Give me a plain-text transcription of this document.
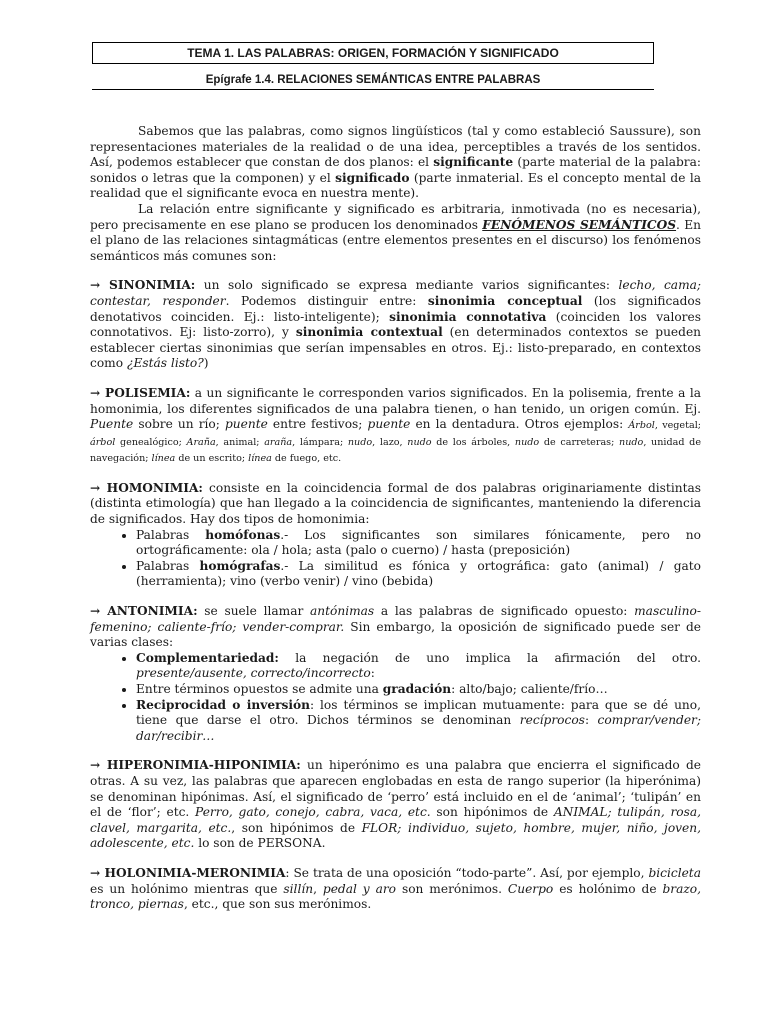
TEMA 1. LAS PALABRAS: ORIGEN, FORMACIÓN Y SIGNIFICADO
Epígrafe 1.4. RELACIONES SEMÁNTICAS ENTRE PALABRAS

Sabemos que las palabras, como signos lingüísticos (tal y como estableció Saussure), son representaciones materiales de la realidad o de una idea, perceptibles a través de los sentidos. Así, podemos establecer que constan de dos planos: el significante (parte material de la palabra: sonidos o letras que la componen) y el significado (parte inmaterial. Es el concepto mental de la realidad que el significante evoca en nuestra mente).

La relación entre significante y significado es arbitraria, inmotivada (no es necesaria), pero precisamente en ese plano se producen los denominados FENÓMENOS SEMÁNTICOS. En el plano de las relaciones sintagmáticas (entre elementos presentes en el discurso) los fenómenos semánticos más comunes son:

→ SINONIMIA: un solo significado se expresa mediante varios significantes: lecho, cama; contestar, responder. Podemos distinguir entre: sinonimia conceptual (los significados denotativos coinciden. Ej.: listo-inteligente); sinonimia connotativa (coinciden los valores connotativos. Ej: listo-zorro), y sinonimia contextual (en determinados contextos se pueden establecer ciertas sinonimias que serían impensables en otros. Ej.: listo-preparado, en contextos como ¿Estás listo?)

→ POLISEMIA: a un significante le corresponden varios significados. En la polisemia, frente a la homonimia, los diferentes significados de una palabra tienen, o han tenido, un origen común. Ej. Puente sobre un río; puente entre festivos; puente en la dentadura. Otros ejemplos: Árbol, vegetal; árbol genealógico; Araña, animal; araña, lámpara; nudo, lazo, nudo de los árboles, nudo de carreteras; nudo, unidad de navegación; línea de un escrito; línea de fuego, etc.

→ HOMONIMIA: consiste en la coincidencia formal de dos palabras originariamente distintas (distinta etimología) que han llegado a la coincidencia de significantes, manteniendo la diferencia de significados. Hay dos tipos de homonimia:

• Palabras homófonas.- Los significantes son similares fónicamente, pero no ortográficamente: ola / hola; asta (palo o cuerno) / hasta (preposición)
• Palabras homógrafas.- La similitud es fónica y ortográfica: gato (animal) / gato (herramienta); vino (verbo venir) / vino (bebida)

→ ANTONIMIA: se suele llamar antónimas a las palabras de significado opuesto: masculino- femenino; caliente-frío; vender-comprar. Sin embargo, la oposición de significado puede ser de varias clases:

• Complementariedad: la negación de uno implica la afirmación del otro. presente/ausente, correcto/incorrecto:
• Entre términos opuestos se admite una gradación: alto/bajo; caliente/frío…
• Reciprocidad o inversión: los términos se implican mutuamente: para que se dé uno, tiene que darse el otro. Dichos términos se denominan recíprocos: comprar/vender; dar/recibir…

→ HIPERONIMIA-HIPONIMIA: un hiperónimo es una palabra que encierra el significado de otras. A su vez, las palabras que aparecen englobadas en esta de rango superior (la hiperónima) se denominan hipónimas. Así, el significado de ‘perro’ está incluido en el de ‘animal’; ‘tulipán’ en el de ‘flor’; etc. Perro, gato, conejo, cabra, vaca, etc. son hipónimos de ANIMAL; tulipán, rosa, clavel, margarita, etc., son hipónimos de FLOR; individuo, sujeto, hombre, mujer, niño, joven, adolescente, etc. lo son de PERSONA.

→ HOLONIMIA-MERONIMIA: Se trata de una oposición “todo-parte”. Así, por ejemplo, bicicleta es un holónimo mientras que sillín, pedal y aro son merónimos. Cuerpo es holónimo de brazo, tronco, piernas, etc., que son sus merónimos.
